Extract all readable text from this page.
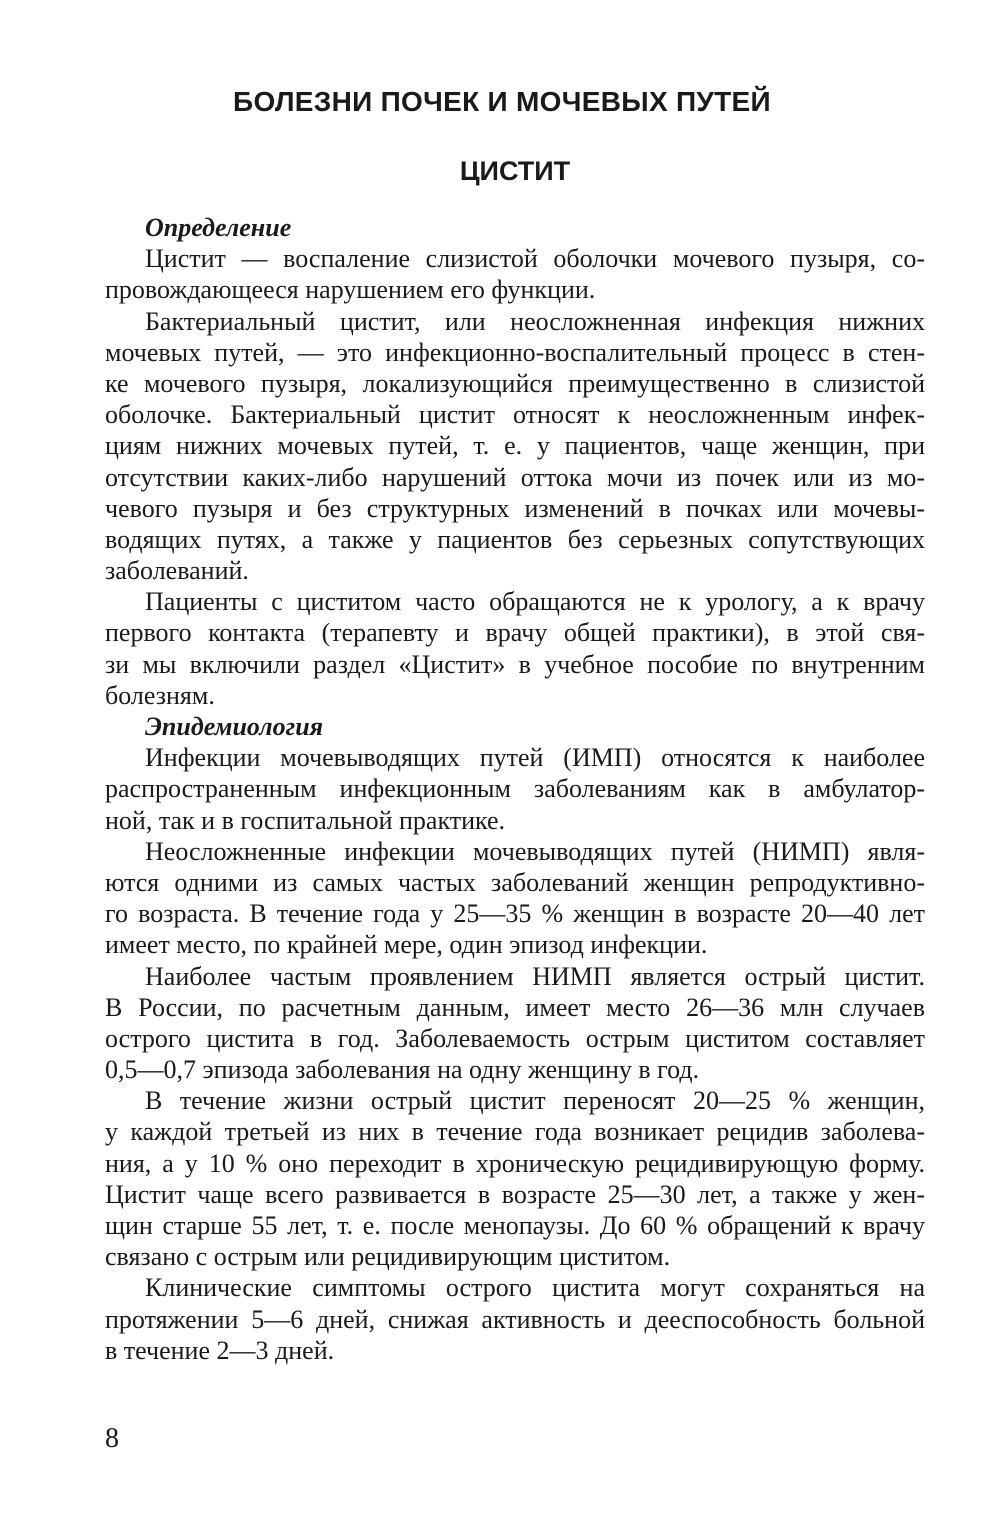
БОЛЕЗНИ ПОЧЕК И МОЧЕВЫХ ПУТЕЙ
ЦИСТИТ
Определение
Цистит — воспаление слизистой оболочки мочевого пузыря, со-
провождающееся нарушением его функции.
Бактериальный цистит, или неосложненная инфекция нижних
мочевых путей, — это инфекционно-воспалительный процесс в стен-
ке мочевого пузыря, локализующийся преимущественно в слизистой
оболочке. Бактериальный цистит относят к неосложненным инфек-
циям нижних мочевых путей, т. е. у пациентов, чаще женщин, при
отсутствии каких-либо нарушений оттока мочи из почек или из мо-
чевого пузыря и без структурных изменений в почках или мочевы-
водящих путях, а также у пациентов без серьезных сопутствующих
заболеваний.
Пациенты с циститом часто обращаются не к урологу, а к врачу
первого контакта (терапевту и врачу общей практики), в этой свя-
зи мы включили раздел «Цистит» в учебное пособие по внутренним
болезням.
Эпидемиология
Инфекции мочевыводящих путей (ИМП) относятся к наиболее
распространенным инфекционным заболеваниям как в амбулатор-
ной, так и в госпитальной практике.
Неосложненные инфекции мочевыводящих путей (НИМП) явля-
ются одними из самых частых заболеваний женщин репродуктивно-
го возраста. В течение года у 25—35 % женщин в возрасте 20—40 лет
имеет место, по крайней мере, один эпизод инфекции.
Наиболее частым проявлением НИМП является острый цистит.
В России, по расчетным данным, имеет место 26—36 млн случаев
острого цистита в год. Заболеваемость острым циститом составляет
0,5—0,7 эпизода заболевания на одну женщину в год.
В течение жизни острый цистит переносят 20—25 % женщин,
у каждой третьей из них в течение года возникает рецидив заболева-
ния, а у 10 % оно переходит в хроническую рецидивирующую форму.
Цистит чаще всего развивается в возрасте 25—30 лет, а также у жен-
щин старше 55 лет, т. е. после менопаузы. До 60 % обращений к врачу
связано с острым или рецидивирующим циститом.
Клинические симптомы острого цистита могут сохраняться на
протяжении 5—6 дней, снижая активность и дееспособность больной
в течение 2—3 дней.
8
